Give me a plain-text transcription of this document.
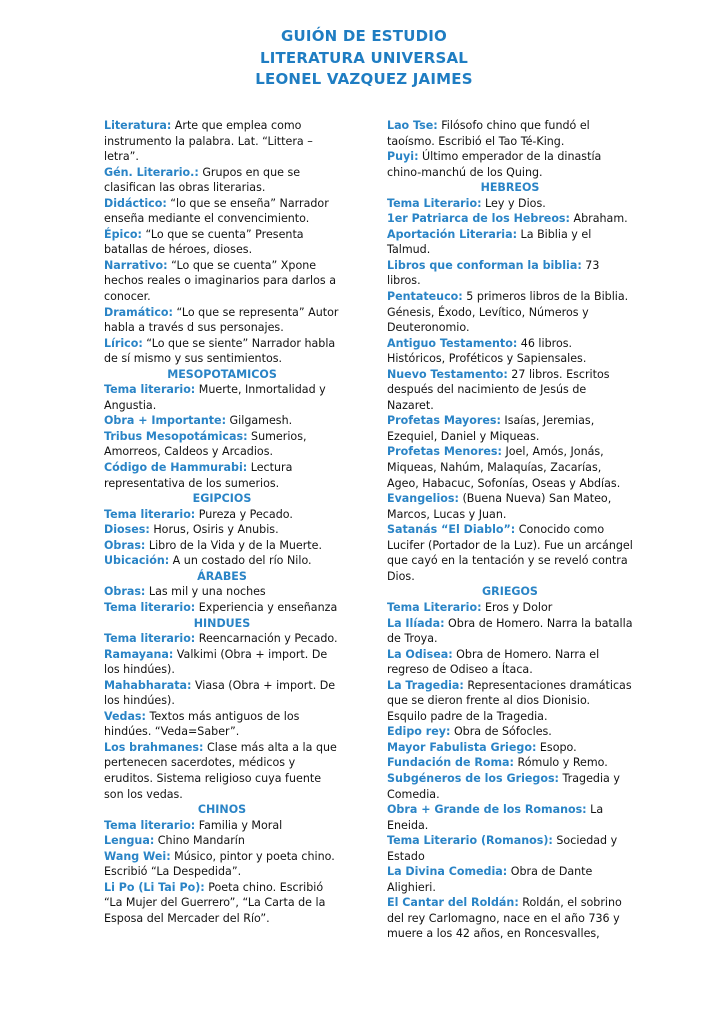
GUIÓN DE ESTUDIO
LITERATURA UNIVERSAL
LEONEL VAZQUEZ JAIMES

Literatura: Arte que emplea como instrumento la palabra. Lat. “Littera – letra”.

Gén. Literario.: Grupos en que se clasifican las obras literarias.

Didáctico: “lo que se enseña” Narrador enseña mediante el convencimiento.

Épico: “Lo que se cuenta” Presenta batallas de héroes, dioses.

Narrativo: “Lo que se cuenta” Xpone hechos reales o imaginarios para darlos a conocer.

Dramático: “Lo que se representa” Autor habla a través d sus personajes.

Lírico: “Lo que se siente” Narrador habla de sí mismo y sus sentimientos.

MESOPOTAMICOS

Tema literario: Muerte, Inmortalidad y Angustia.

Obra + Importante: Gilgamesh.

Tribus Mesopotámicas: Sumerios, Amorreos, Caldeos y Arcadios.

Código de Hammurabi: Lectura representativa de los sumerios.

EGIPCIOS

Tema literario: Pureza y Pecado.

Dioses: Horus, Osiris y Anubis.

Obras: Libro de la Vida y de la Muerte.

Ubicación: A un costado del río Nilo.

ÁRABES

Obras: Las mil y una noches

Tema literario: Experiencia y enseñanza

HINDUES

Tema literario: Reencarnación y Pecado.

Ramayana: Valkimi (Obra + import. De los hindúes).

Mahabharata: Viasa (Obra + import. De los hindúes).

Vedas: Textos más antiguos de los hindúes. “Veda=Saber”.

Los brahmanes: Clase más alta a la que pertenecen sacerdotes, médicos y eruditos. Sistema religioso cuya fuente son los vedas.

CHINOS

Tema literario: Familia y Moral

Lengua: Chino Mandarín

Wang Wei: Músico, pintor y poeta chino. Escribió “La Despedida”.

Li Po (Li Tai Po): Poeta chino. Escribió “La Mujer del Guerrero”, “La Carta de la Esposa del Mercader del Río”.

Lao Tse: Filósofo chino que fundó el taoísmo. Escribió el Tao Té-King.

Puyi: Último emperador de la dinastía chino-manchú de los Quing.

HEBREOS

Tema Literario: Ley y Dios.

1er Patriarca de los Hebreos: Abraham.

Aportación Literaria: La Biblia y el Talmud.

Libros que conforman la biblia: 73 libros.

Pentateuco: 5 primeros libros de la Biblia. Génesis, Éxodo, Levítico, Números y Deuteronomio.

Antiguo Testamento: 46 libros. Históricos, Proféticos y Sapiensales.

Nuevo Testamento: 27 libros. Escritos después del nacimiento de Jesús de Nazaret.

Profetas Mayores: Isaías, Jeremias, Ezequiel, Daniel y Miqueas.

Profetas Menores: Joel, Amós, Jonás, Miqueas, Nahúm, Malaquías, Zacarías, Ageo, Habacuc, Sofonías, Oseas y Abdías.

Evangelios: (Buena Nueva) San Mateo, Marcos, Lucas y Juan.

Satanás “El Diablo”: Conocido como Lucifer (Portador de la Luz). Fue un arcángel que cayó en la tentación y se reveló contra Dios.

GRIEGOS

Tema Literario: Eros y Dolor

La Ilíada: Obra de Homero. Narra la batalla de Troya.

La Odisea: Obra de Homero. Narra el regreso de Odiseo a Ítaca.

La Tragedia: Representaciones dramáticas que se dieron frente al dios Dionisio. Esquilo padre de la Tragedia.

Edipo rey: Obra de Sófocles.

Mayor Fabulista Griego: Esopo.

Fundación de Roma: Rómulo y Remo.

Subgéneros de los Griegos: Tragedia y Comedia.

Obra + Grande de los Romanos: La Eneida.

Tema Literario (Romanos): Sociedad y Estado

La Divina Comedia: Obra de Dante Alighieri.

El Cantar del Roldán: Roldán, el sobrino del rey Carlomagno, nace en el año 736 y muere a los 42 años, en Roncesvalles,
